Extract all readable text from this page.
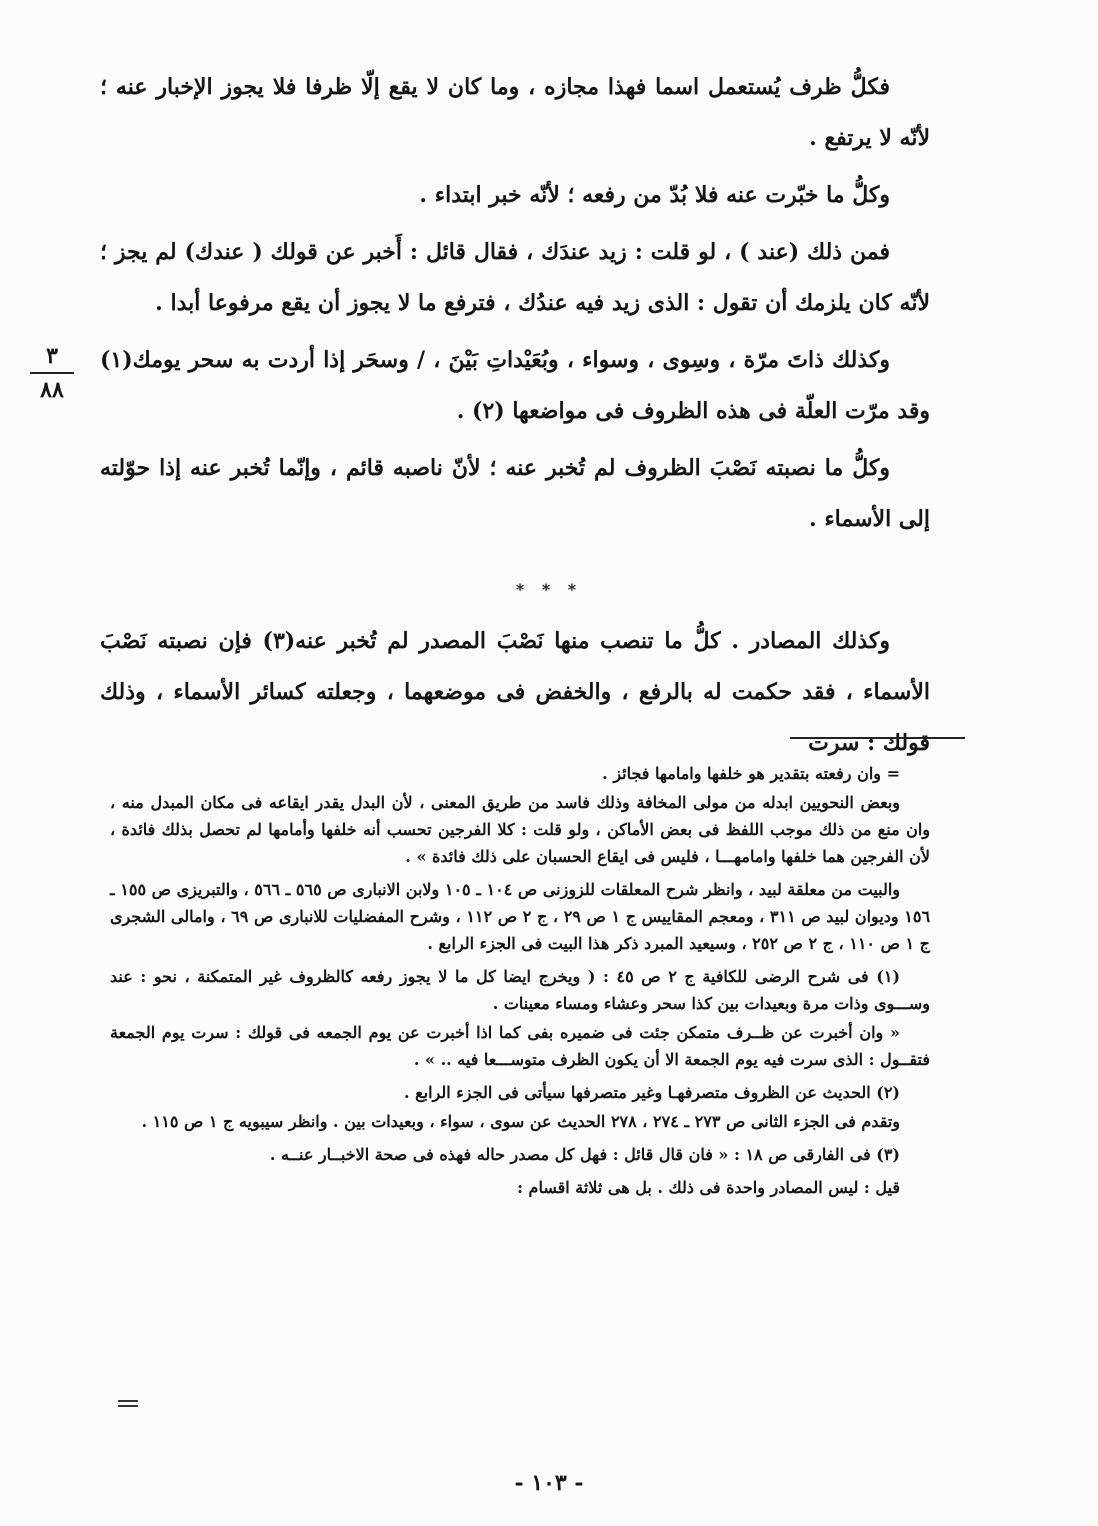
فكلُّ ظرف يُستعمل اسما فهذا مجازه ، وما كان لا يقع إلّا ظرفا فلا يجوز الإخبار عنه ؛ لأنّه لا يرتفع .

وكلُّ ما خبّرت عنه فلا بُدّ من رفعه ؛ لأنّه خبر ابتداء .

فمن ذلك (عند ) ، لو قلت : زيد عندَك ، فقال قائل : أَخبر عن قولك ( عندك) لم يجز ؛ لأنّه كان يلزمك أن تقول : الذى زيد فيه عندُك ، فترفع ما لا يجوز أن يقع مرفوعا أبدا .

وكذلك ذاتَ مرّة ، وسِوى ، وسواء ، وبُعَيْداتِ بَيْنَ ، / وسحَر إذا أردت به سحر يومك(١) وقد مرّت العلّة فى هذه الظروف فى مواضعها (٢) .

وكلُّ ما نصبته نَصْبَ الظروف لم تُخبر عنه ؛ لأنّ ناصبه قائم ، وإنّما تُخبر عنه إذا حوّلته إلى الأسماء .

٣
٨٨
* * *

وكذلك المصادر . كلُّ ما تنصب منها نَصْبَ المصدر لم تُخبر عنه(٣) فإن نصبته نَصْبَ الأسماء ، فقد حكمت له بالرفع ، والخفض فى موضعهما ، وجعلته كسائر الأسماء ، وذلك قولك : سرت

= وان رفعته بتقدير هو خلفها وامامها فجائز .

وبعض النحويين ابدله من مولى المخافة وذلك فاسد من طريق المعنى ، لأن البدل يقدر ايقاعه فى مكان المبدل منه ، وان منع من ذلك موجب اللفظ فى بعض الأماكن ، ولو قلت : كلا الفرجين تحسب أنه خلفها وأمامها لم تحصل بذلك فائدة ، لأن الفرجين هما خلفها وامامهـــا ، فليس فى ايقاع الحسبان على ذلك فائدة » .

والبيت من معلقة لبيد ، وانظر شرح المعلقات للزوزنى ص ١٠٤ ـ ١٠٥ ولابن الانبارى ص ٥٦٥ ـ ٥٦٦ ، والتبريزى ص ١٥٥ ـ ١٥٦ وديوان لبيد ص ٣١١ ، ومعجم المقاييس ج ١ ص ٢٩ ، ج ٢ ص ١١٢ ، وشرح المفضليات للانبارى ص ٦٩ ، وامالى الشجرى ج ١ ص ١١٠ ، ج ٢ ص ٢٥٢ ، وسيعيد المبرد ذكر هذا البيت فى الجزء الرابع .

(١) فى شرح الرضى للكافية ج ٢ ص ٤٥ : ( ويخرج ايضا كل ما لا يجوز رفعه كالظروف غير المتمكنة ، نحو : عند وســـوى وذات مرة وبعيدات بين كذا سحر وعشاء ومساء معينات .

« وان أخبرت عن ظــرف متمكن جئت فى ضميره بفى كما اذا أخبرت عن يوم الجمعه فى قولك : سرت يوم الجمعة فتقــول : الذى سرت فيه يوم الجمعة الا أن يكون الظرف متوســـعا فيه .. » .

(٢) الحديث عن الظروف متصرفهـا وغير متصرفها سيأتى فى الجزء الرابع .

وتقدم فى الجزء الثانى ص ٢٧٣ ـ ٢٧٤ ، ٢٧٨ الحديث عن سوى ، سواء ، وبعيدات بين . وانظر سيبويه ج ١ ص ١١٥ .

(٣) فى الفارقى ص ١٨ : « فان قال قائل : فهل كل مصدر حاله فهذه فى صحة الاخبــار عنــه .

قيل : ليس المصادر واحدة فى ذلك . بل هى ثلاثة اقسام :

- ١٠٣ -
